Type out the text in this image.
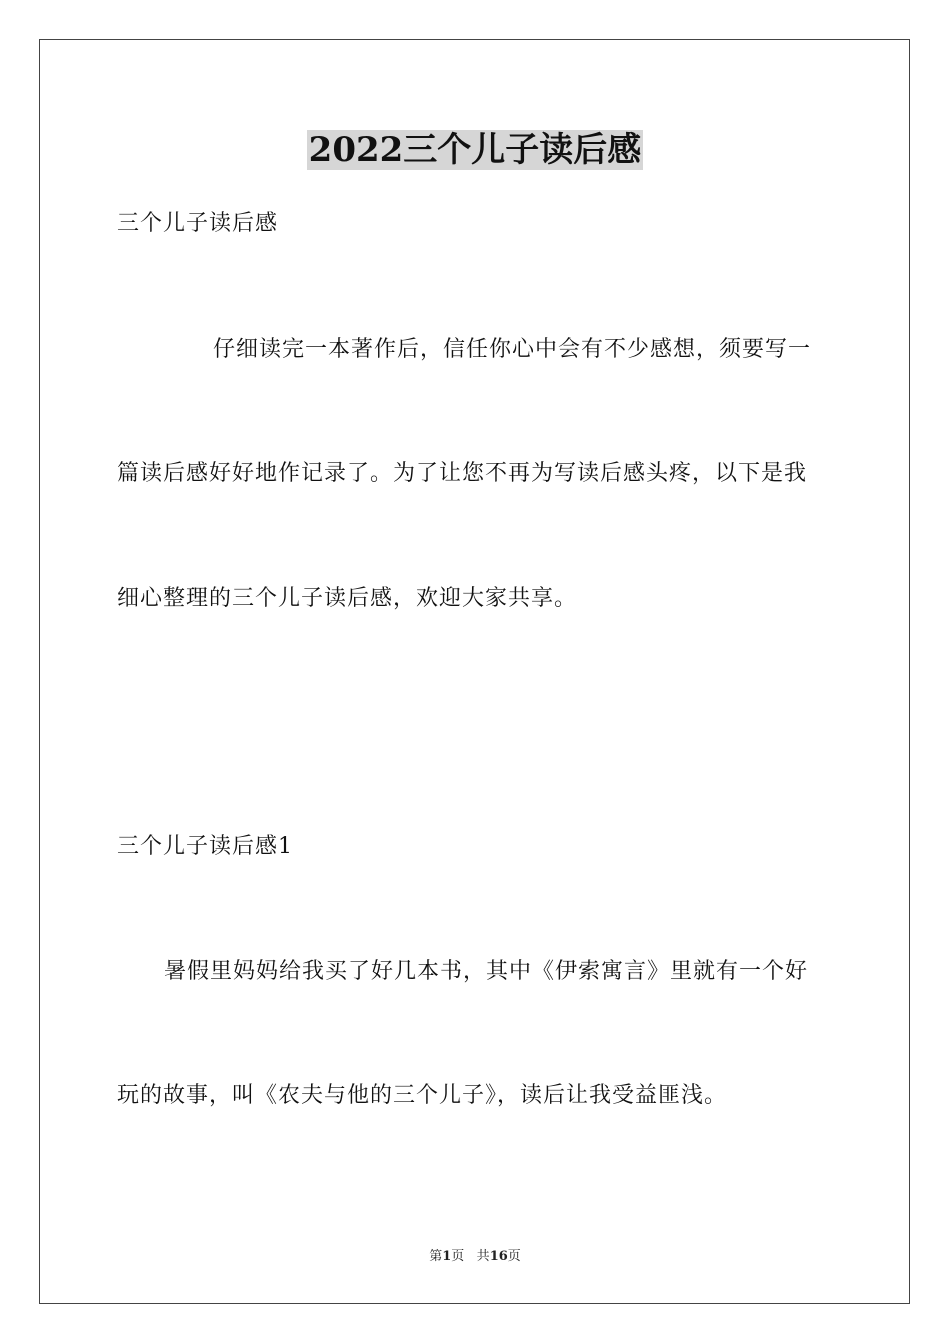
2022三个儿子读后感
三个儿子读后感
仔细读完一本著作后，信任你心中会有不少感想，须要写一
篇读后感好好地作记录了。为了让您不再为写读后感头疼，以下是我
细心整理的三个儿子读后感，欢迎大家共享。
三个儿子读后感1
暑假里妈妈给我买了好几本书，其中《伊索寓言》里就有一个好
玩的故事，叫《农夫与他的三个儿子》，读后让我受益匪浅。
第1页 共16页
